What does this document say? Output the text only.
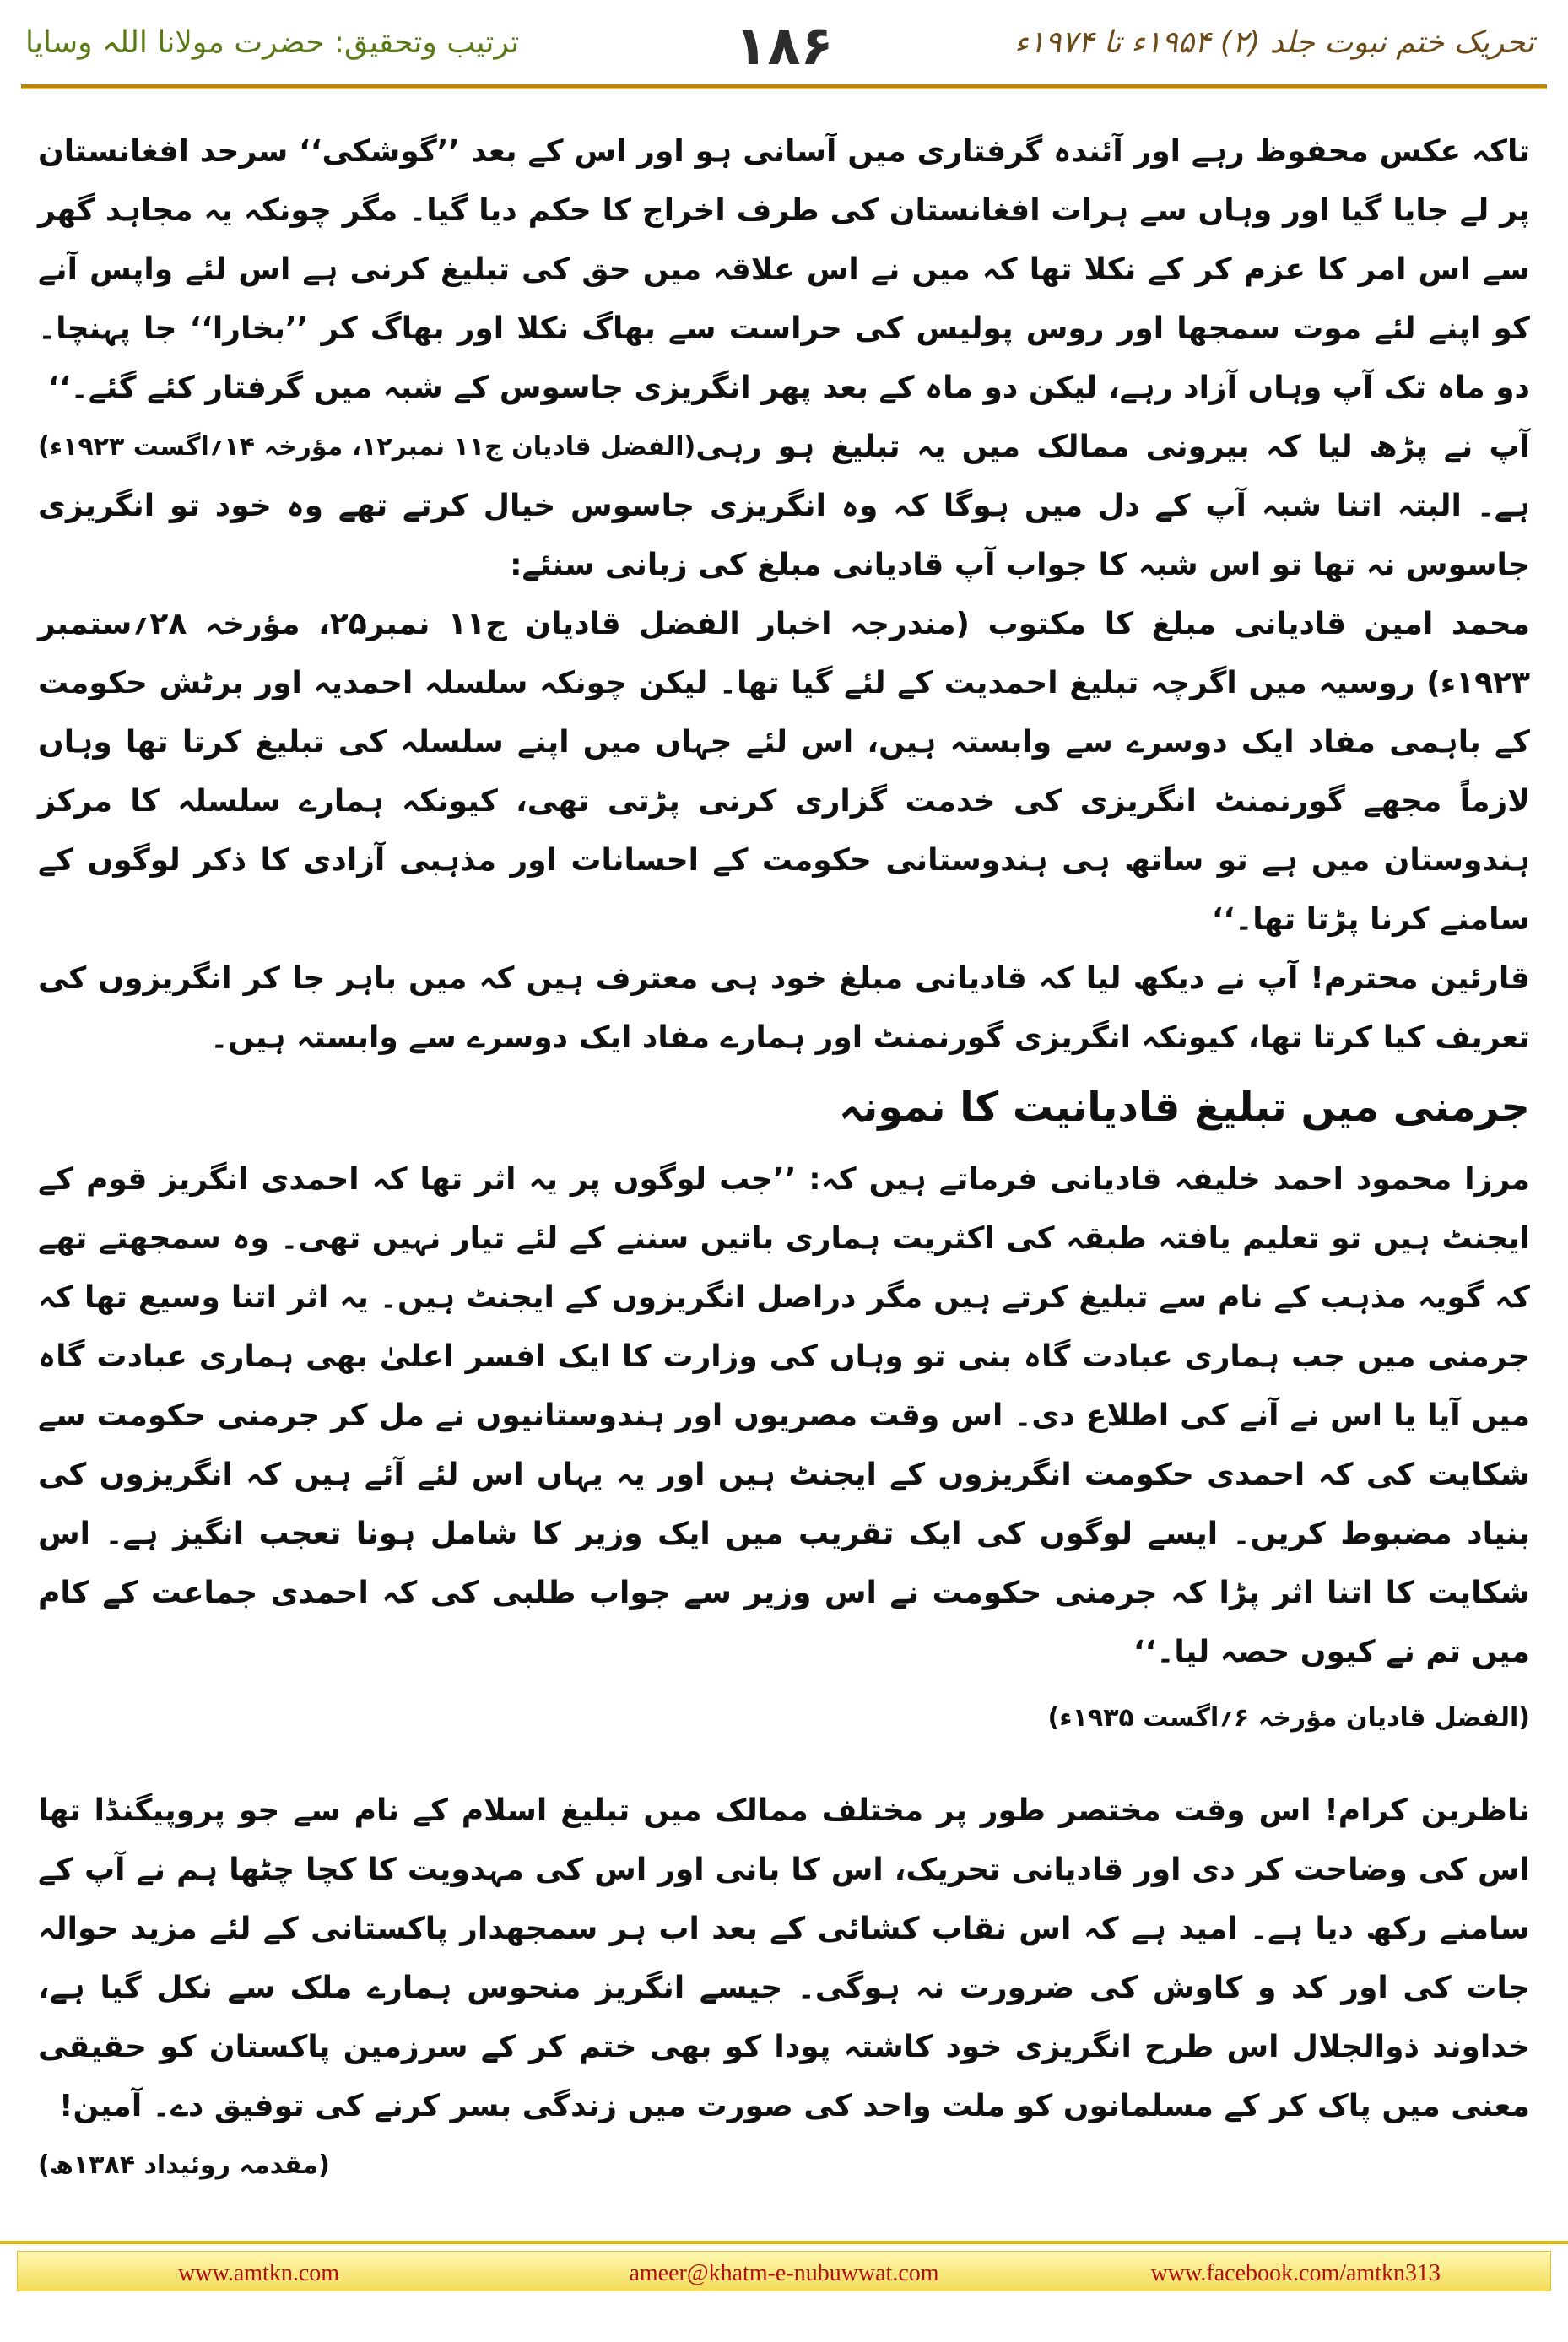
تحریک ختم نبوت جلد (۲) ۱۹۵۴ء تا ۱۹۷۴ء
۱۸۶
ترتیب وتحقیق: حضرت مولانا اللہ وسایا

تاکہ عکس محفوظ رہے اور آئندہ گرفتاری میں آسانی ہو اور اس کے بعد ’’گوشکی‘‘ سرحد افغانستان پر لے جایا گیا اور وہاں سے ہرات افغانستان کی طرف اخراج کا حکم دیا گیا۔ مگر چونکہ یہ مجاہد گھر سے اس امر کا عزم کر کے نکلا تھا کہ میں نے اس علاقہ میں حق کی تبلیغ کرنی ہے اس لئے واپس آنے کو اپنے لئے موت سمجھا اور روس پولیس کی حراست سے بھاگ نکلا اور بھاگ کر ’’بخارا‘‘ جا پہنچا۔ دو ماہ تک آپ وہاں آزاد رہے، لیکن دو ماہ کے بعد پھر انگریزی جاسوس کے شبہ میں گرفتار کئے گئے۔‘‘
(الفضل قادیان ج۱۱ نمبر۱۲، مؤرخہ ۱۴؍اگست ۱۹۲۳ء) آپ نے پڑھ لیا کہ بیرونی ممالک میں یہ تبلیغ ہو رہی ہے۔ البتہ اتنا شبہ آپ کے دل میں ہوگا کہ وہ انگریزی جاسوس خیال کرتے تھے وہ خود تو انگریزی جاسوس نہ تھا تو اس شبہ کا جواب آپ قادیانی مبلغ کی زبانی سنئے:

محمد امین قادیانی مبلغ کا مکتوب (مندرجہ اخبار الفضل قادیان ج۱۱ نمبر۲۵، مؤرخہ ۲۸؍ستمبر ۱۹۲۳ء) روسیہ میں اگرچہ تبلیغ احمدیت کے لئے گیا تھا۔ لیکن چونکہ سلسلہ احمدیہ اور برٹش حکومت کے باہمی مفاد ایک دوسرے سے وابستہ ہیں، اس لئے جہاں میں اپنے سلسلہ کی تبلیغ کرتا تھا وہاں لازماً مجھے گورنمنٹ انگریزی کی خدمت گزاری کرنی پڑتی تھی، کیونکہ ہمارے سلسلہ کا مرکز ہندوستان میں ہے تو ساتھ ہی ہندوستانی حکومت کے احسانات اور مذہبی آزادی کا ذکر لوگوں کے سامنے کرنا پڑتا تھا۔‘‘

قارئین محترم! آپ نے دیکھ لیا کہ قادیانی مبلغ خود ہی معترف ہیں کہ میں باہر جا کر انگریزوں کی تعریف کیا کرتا تھا، کیونکہ انگریزی گورنمنٹ اور ہمارے مفاد ایک دوسرے سے وابستہ ہیں۔

جرمنی میں تبلیغ قادیانیت کا نمونہ

مرزا محمود احمد خلیفہ قادیانی فرماتے ہیں کہ: ’’جب لوگوں پر یہ اثر تھا کہ احمدی انگریز قوم کے ایجنٹ ہیں تو تعلیم یافتہ طبقہ کی اکثریت ہماری باتیں سننے کے لئے تیار نہیں تھی۔ وہ سمجھتے تھے کہ گویہ مذہب کے نام سے تبلیغ کرتے ہیں مگر دراصل انگریزوں کے ایجنٹ ہیں۔ یہ اثر اتنا وسیع تھا کہ جرمنی میں جب ہماری عبادت گاہ بنی تو وہاں کی وزارت کا ایک افسر اعلیٰ بھی ہماری عبادت گاہ میں آیا یا اس نے آنے کی اطلاع دی۔ اس وقت مصریوں اور ہندوستانیوں نے مل کر جرمنی حکومت سے شکایت کی کہ احمدی حکومت انگریزوں کے ایجنٹ ہیں اور یہ یہاں اس لئے آئے ہیں کہ انگریزوں کی بنیاد مضبوط کریں۔ ایسے لوگوں کی ایک تقریب میں ایک وزیر کا شامل ہونا تعجب انگیز ہے۔ اس شکایت کا اتنا اثر پڑا کہ جرمنی حکومت نے اس وزیر سے جواب طلبی کی کہ احمدی جماعت کے کام میں تم نے کیوں حصہ لیا۔‘‘

(الفضل قادیان مؤرخہ ۶؍اگست ۱۹۳۵ء)

ناظرین کرام! اس وقت مختصر طور پر مختلف ممالک میں تبلیغ اسلام کے نام سے جو پروپیگنڈا تھا اس کی وضاحت کر دی اور قادیانی تحریک، اس کا بانی اور اس کی مہدویت کا کچا چٹھا ہم نے آپ کے سامنے رکھ دیا ہے۔ امید ہے کہ اس نقاب کشائی کے بعد اب ہر سمجھدار پاکستانی کے لئے مزید حوالہ جات کی اور کد و کاوش کی ضرورت نہ ہوگی۔ جیسے انگریز منحوس ہمارے ملک سے نکل گیا ہے، خداوند ذوالجلال اس طرح انگریزی خود کاشتہ پودا کو بھی ختم کر کے سرزمین پاکستان کو حقیقی معنی میں پاک کر کے مسلمانوں کو ملت واحد کی صورت میں زندگی بسر کرنے کی توفیق دے۔ آمین!
(مقدمہ روئیداد ۱۳۸۴ھ)

www.amtkn.com	ameer@khatm-e-nubuwwat.com	www.facebook.com/amtkn313
